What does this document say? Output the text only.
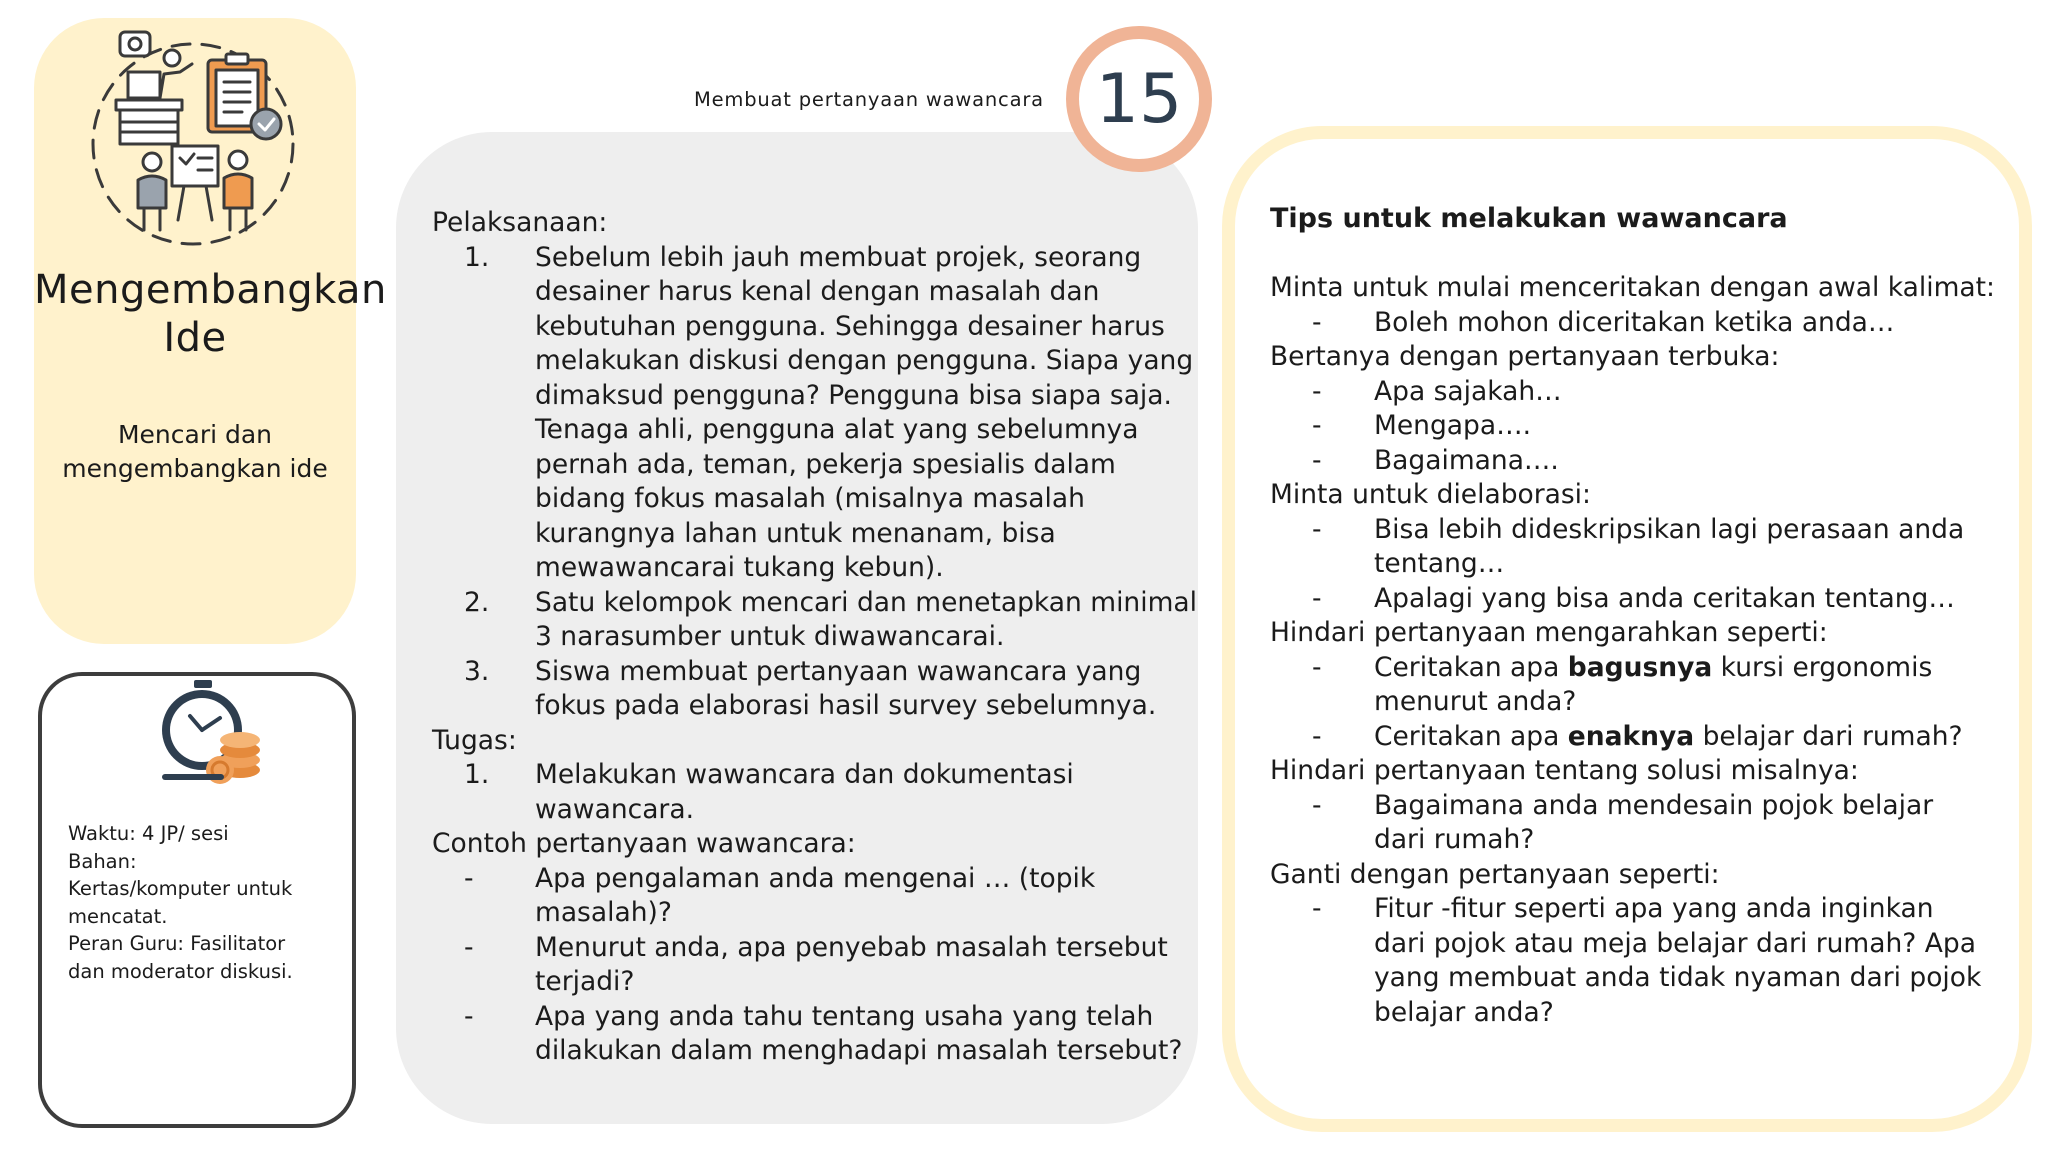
Mengembangkan
Ide
Mencari dan
mengembangkan ide
Waktu: 4 JP/ sesi
Bahan:
Kertas/komputer untuk
mencatat.
Peran Guru: Fasilitator
dan moderator diskusi.
Membuat pertanyaan wawancara 15
Pelaksanaan:
1. Sebelum lebih jauh membuat projek, seorang
desainer harus kenal dengan masalah dan
kebutuhan pengguna. Sehingga desainer harus
melakukan diskusi dengan pengguna. Siapa yang
dimaksud pengguna? Pengguna bisa siapa saja.
Tenaga ahli, pengguna alat yang sebelumnya
pernah ada, teman, pekerja spesialis dalam
bidang fokus masalah (misalnya masalah
kurangnya lahan untuk menanam, bisa
mewawancarai tukang kebun).
2. Satu kelompok mencari dan menetapkan minimal
3 narasumber untuk diwawancarai.
3. Siswa membuat pertanyaan wawancara yang
fokus pada elaborasi hasil survey sebelumnya.
Tugas:
1. Melakukan wawancara dan dokumentasi
wawancara.
Contoh pertanyaan wawancara:
- Apa pengalaman anda mengenai … (topik
masalah)?
- Menurut anda, apa penyebab masalah tersebut
terjadi?
- Apa yang anda tahu tentang usaha yang telah
dilakukan dalam menghadapi masalah tersebut?
Tips untuk melakukan wawancara
Minta untuk mulai menceritakan dengan awal kalimat:
- Boleh mohon diceritakan ketika anda…
Bertanya dengan pertanyaan terbuka:
- Apa sajakah…
- Mengapa….
- Bagaimana….
Minta untuk dielaborasi:
- Bisa lebih dideskripsikan lagi perasaan anda
tentang…
- Apalagi yang bisa anda ceritakan tentang…
Hindari pertanyaan mengarahkan seperti:
- Ceritakan apa bagusnya kursi ergonomis
menurut anda?
- Ceritakan apa enaknya belajar dari rumah?
Hindari pertanyaan tentang solusi misalnya:
- Bagaimana anda mendesain pojok belajar
dari rumah?
Ganti dengan pertanyaan seperti:
- Fitur -fitur seperti apa yang anda inginkan
dari pojok atau meja belajar dari rumah? Apa
yang membuat anda tidak nyaman dari pojok
belajar anda?
